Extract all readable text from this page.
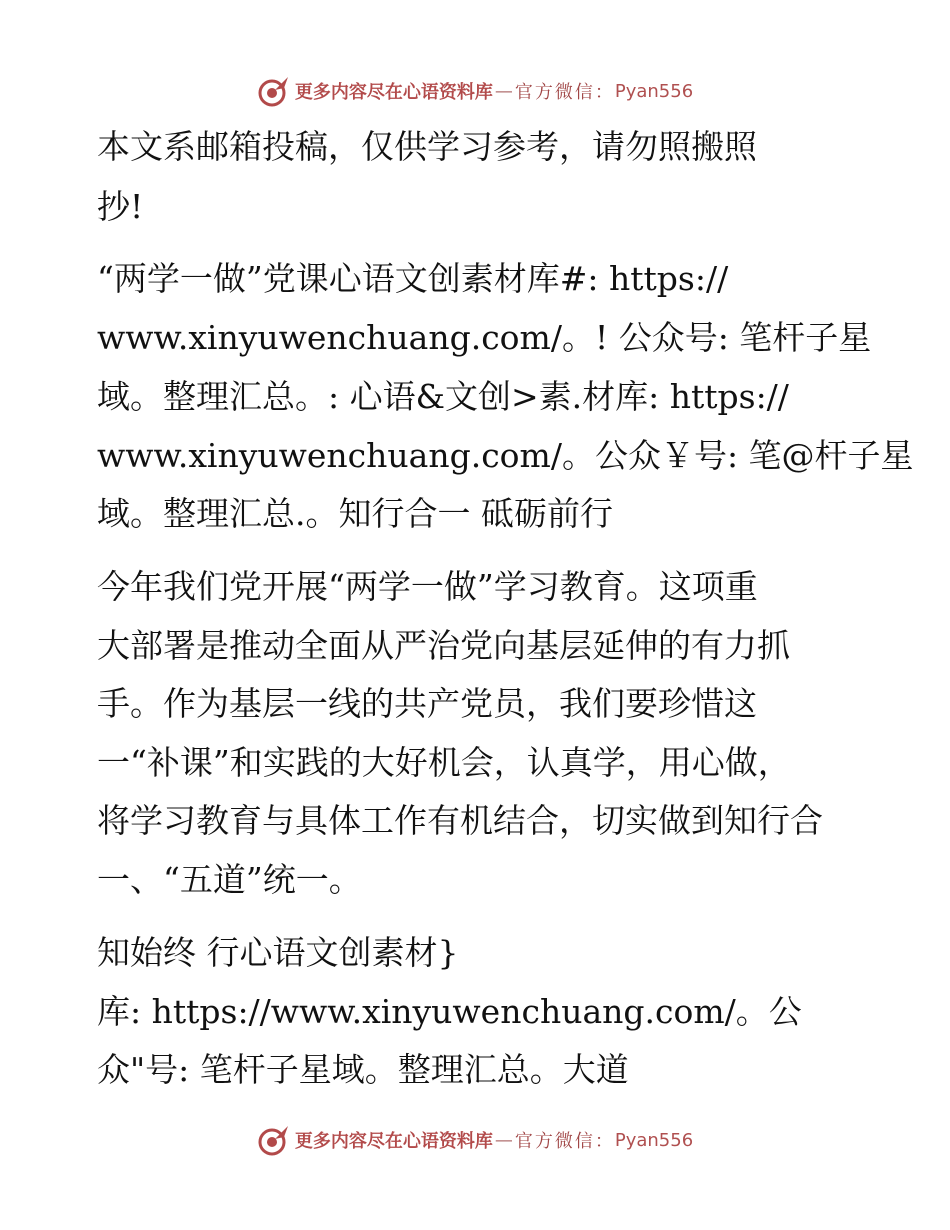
更多内容尽在心语资料库 — 官方微信： Pyan556
本文系邮箱投稿，仅供学习参考，请勿照搬照
抄!
“两学一做”党课心语文创素材库#: https://
www.xinyuwenchuang.com/。! 公众号: 笔杆子星
域。整理汇总。: 心语&文创>素.材库: https://
www.xinyuwenchuang.com/。公众￥号: 笔@杆子星
域。整理汇总.。知行合一 砥砺前行
今年我们党开展“两学一做”学习教育。这项重
大部署是推动全面从严治党向基层延伸的有力抓
手。作为基层一线的共产党员，我们要珍惜这
一“补课”和实践的大好机会，认真学，用心做，
将学习教育与具体工作有机结合，切实做到知行合
一、“五道”统一。
知始终 行心语文创素材}
库: https://www.xinyuwenchuang.com/。公
众"号: 笔杆子星域。整理汇总。大道
更多内容尽在心语资料库 — 官方微信： Pyan556
